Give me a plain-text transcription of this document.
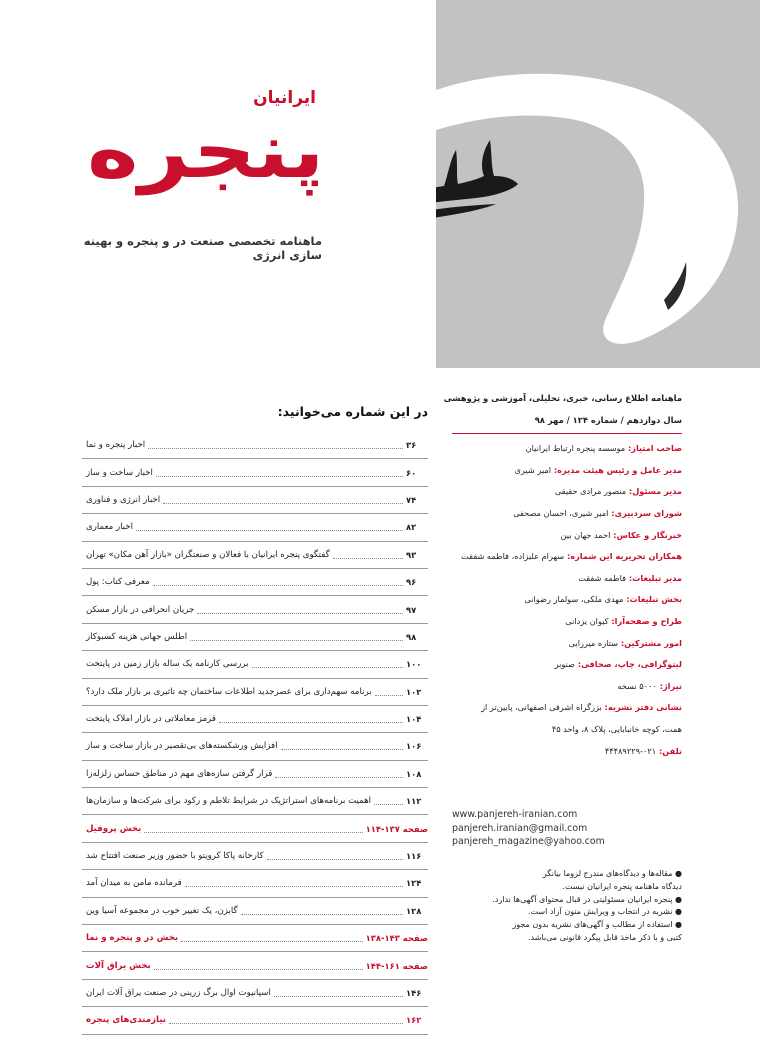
ایرانیان
پنجره
ماهنامه تخصصی صنعت در و پنجره و بهینه سازی انرژی
در این شماره می‌خوانید:
اخبار پنجره و نما	۳۶
اخبار ساخت و ساز	۶۰
اخبار انرژی و فناوری	۷۴
اخبار معماری	۸۲
گفتگوی پنجره ایرانیان با فعالان و صنعتگران «بازار آهن مکان» تهران	۹۳
معرفی کتاب: پول	۹۶
جریان انحرافی در بازار مسکن	۹۷
اطلس جهانی هزینه کسبوکار	۹۸
بررسی کارنامه یک ساله بازار زمین در پایتخت	۱۰۰
برنامه سهم‌داری برای عصرجدید اطلاعات ساختمان چه تاثیری بر بازار ملک دارد؟	۱۰۲
قرمز معاملاتی در بازار املاک پایتخت	۱۰۴
افزایش ورشکسته‌های بی‌تقصیر در بازار ساخت و ساز	۱۰۶
قرار گرفتن سازه‌های مهم در مناطق حساس زلزله‌زا	۱۰۸
اهمیت برنامه‌های استراتژیک در شرایط تلاطم و رکود برای شرکت‌ها و سازمان‌ها	۱۱۲
بخش پروفیل	صفحه ۱۳۷-۱۱۴
کارخانه پاکا کرویتو با حضور وزیر صنعت افتتاح شد	۱۱۶
فرمانده مامن به میدان آمد	۱۲۴
گابزن، یک تغییر خوب در مجموعه آسیا وین	۱۲۸
بخش در و پنجره و نما	صفحه ۱۴۳-۱۳۸
بخش یراق آلات	صفحه ۱۶۱-۱۴۴
اسپانیوت اوال برگ زرینی در صنعت یراق آلات ایران	۱۴۶
نیازمندی‌های پنجره	۱۶۲
ماهنامه اطلاع رسانی، خبری، تحلیلی، آموزشی و پژوهشی
سال دوازدهم / شماره ۱۲۴ / مهر ۹۸
صاحب امتیاز: موسسه پنجره ارتباط ایرانیان
مدیر عامل و رئیس هیئت مدیره: امیر شیری
مدیر مسئول: منصور مرادی حقیقی
شورای سردبیری: امیر شیری، احسان مصحفی
خبرنگار و عکاس: احمد جهان بین
همکاران تحریریه این شماره: سهرام علیزاده، فاطمه شفقت
مدیر تبلیغات: فاطمه شفقت
بخش تبلیغات: مهدی ملکی، سولماز رضوانی
طراح و صفحه‌آرا: کیوان یزدانی
امور مشترکین: ستاره میرزایی
لیتوگرافی، چاپ، صحافی: صنوبر
تیراژ: ۵۰۰۰ نسخه
نشانی دفتر نشریه: بزرگراه اشرفی اصفهانی، پایین‌تر از
همت، کوچه خانبابایی، پلاک ۸، واحد ۴۵
تلفن: ۰۲۱-۴۴۴۸۹۲۲۹
www.panjereh-iranian.com
panjereh.iranian@gmail.com
panjereh_magazine@yahoo.com
● مقاله‌ها و دیدگاه‌های مندرج لزوما بیانگر
دیدگاه ماهنامه پنجره ایرانیان نیست.
● پنجره ایرانیان مسئولیتی در قبال محتوای آگهی‌ها ندارد.
● نشریه در انتخاب و ویرایش متون آزاد است.
● استفاده از مطالب و آگهی‌های نشریه بدون مجوز
کتبی و با ذکر ماخذ قابل پیگرد قانونی می‌باشد.
